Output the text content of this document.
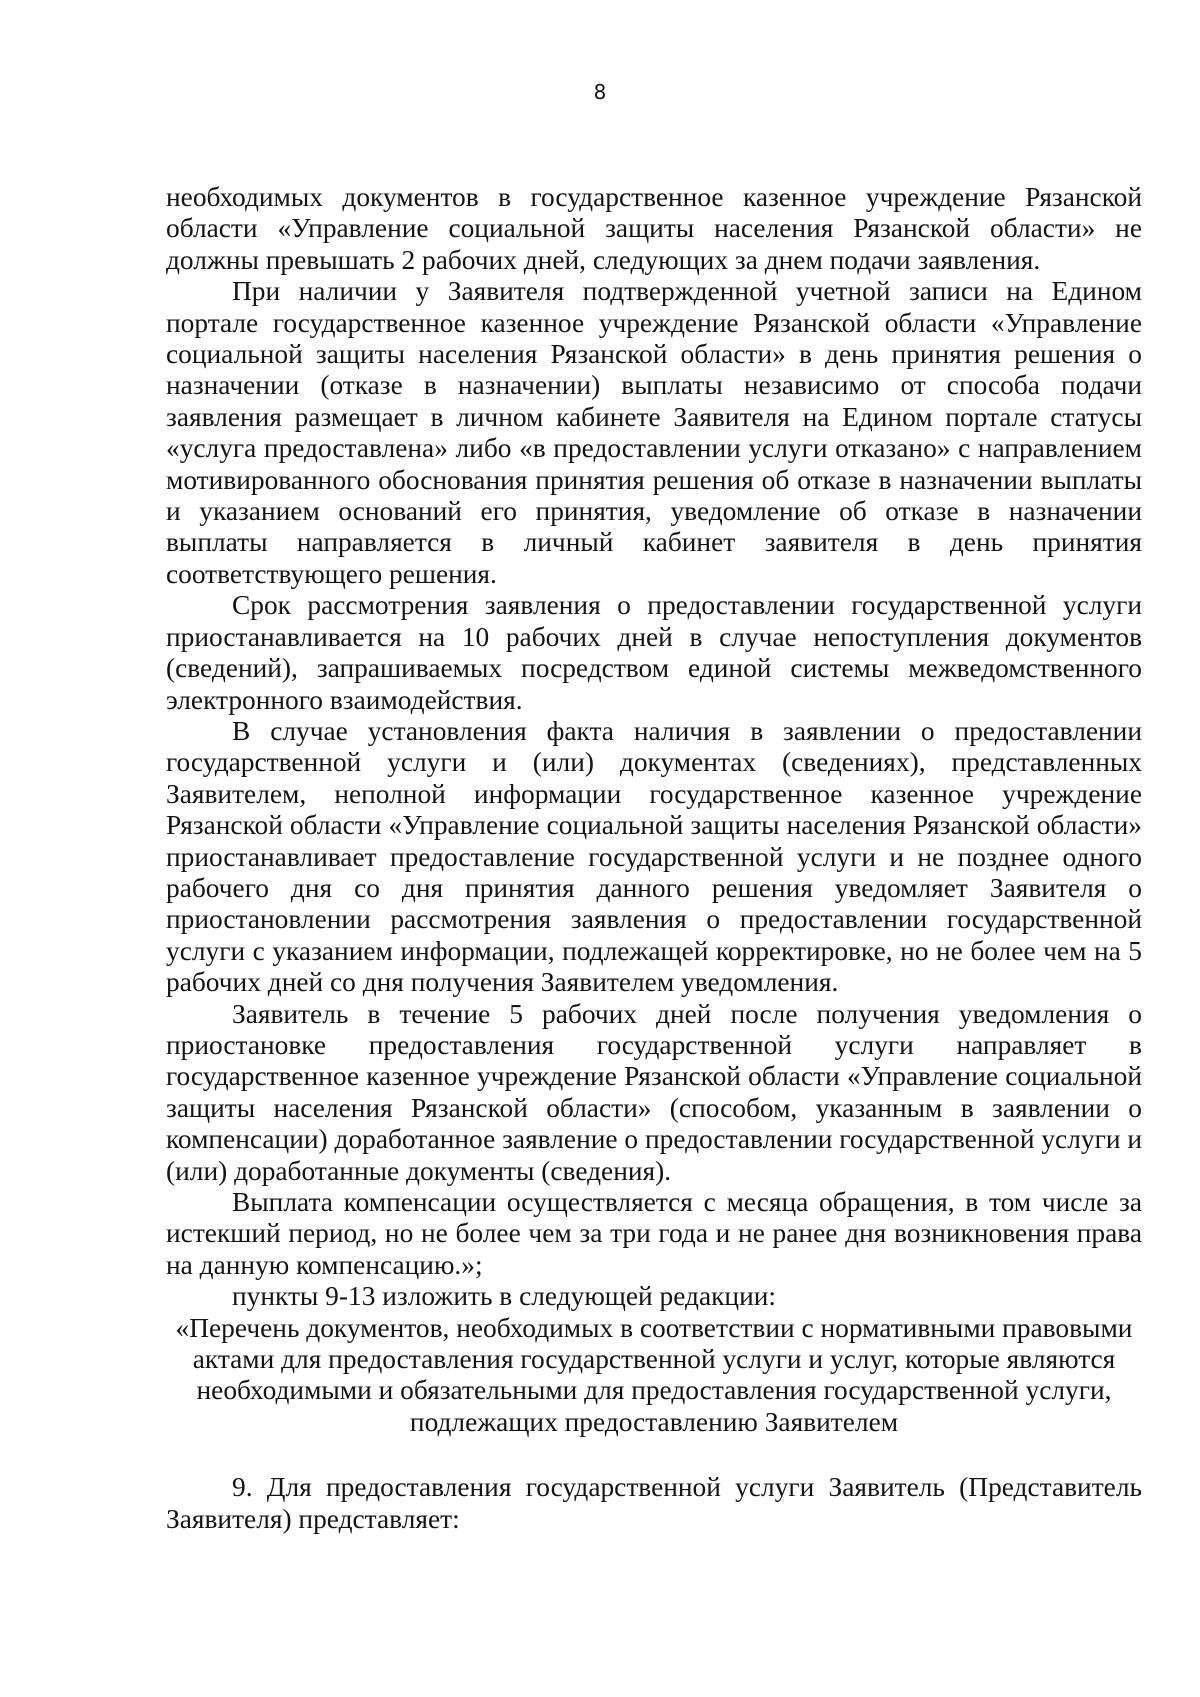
8

необходимых документов в государственное казенное учреждение Рязанской области «Управление социальной защиты населения Рязанской области» не должны превышать 2 рабочих дней, следующих за днем подачи заявления.

При наличии у Заявителя подтвержденной учетной записи на Едином портале государственное казенное учреждение Рязанской области «Управление социальной защиты населения Рязанской области» в день принятия решения о назначении (отказе в назначении) выплаты независимо от способа подачи заявления размещает в личном кабинете Заявителя на Едином портале статусы «услуга предоставлена» либо «в предоставлении услуги отказано» с направлением мотивированного обоснования принятия решения об отказе в назначении выплаты и указанием оснований его принятия, уведомление об отказе в назначении выплаты направляется в личный кабинет заявителя в день принятия соответствующего решения.

Срок рассмотрения заявления о предоставлении государственной услуги приостанавливается на 10 рабочих дней в случае непоступления документов (сведений), запрашиваемых посредством единой системы межведомственного электронного взаимодействия.

В случае установления факта наличия в заявлении о предоставлении государственной услуги и (или) документах (сведениях), представленных Заявителем, неполной информации государственное казенное учреждение Рязанской области «Управление социальной защиты населения Рязанской области» приостанавливает предоставление государственной услуги и не позднее одного рабочего дня со дня принятия данного решения уведомляет Заявителя о приостановлении рассмотрения заявления о предоставлении государственной услуги с указанием информации, подлежащей корректировке, но не более чем на 5 рабочих дней со дня получения Заявителем уведомления.

Заявитель в течение 5 рабочих дней после получения уведомления о приостановке предоставления государственной услуги направляет в государственное казенное учреждение Рязанской области «Управление социальной защиты населения Рязанской области» (способом, указанным в заявлении о компенсации) доработанное заявление о предоставлении государственной услуги и (или) доработанные документы (сведения).

Выплата компенсации осуществляется с месяца обращения, в том числе за истекший период, но не более чем за три года и не ранее дня возникновения права на данную компенсацию.»;

пункты 9-13 изложить в следующей редакции:

«Перечень документов, необходимых в соответствии с нормативными правовыми актами для предоставления государственной услуги и услуг, которые являются необходимыми и обязательными для предоставления государственной услуги, подлежащих предоставлению Заявителем

9. Для предоставления государственной услуги Заявитель (Представитель Заявителя) представляет:
